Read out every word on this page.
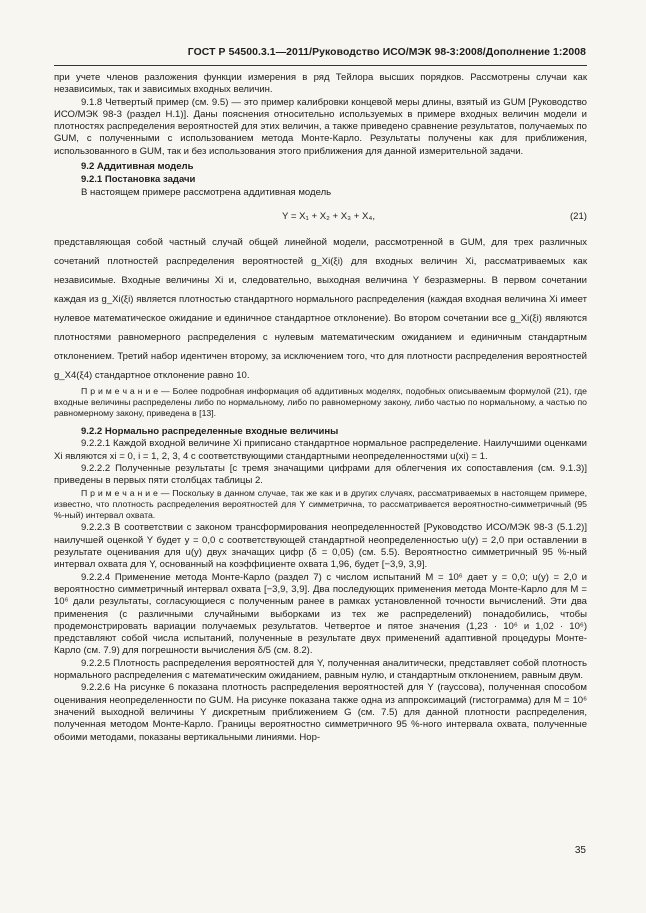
ГОСТ Р 54500.3.1—2011/Руководство ИСО/МЭК 98-3:2008/Дополнение 1:2008

при учете членов разложения функции измерения в ряд Тейлора высших порядков. Рассмотрены случаи как независимых, так и зависимых входных величин.

9.1.8 Четвертый пример (см. 9.5) — это пример калибровки концевой меры длины, взятый из GUM [Руководство ИСО/МЭК 98-3 (раздел H.1)]. Даны пояснения относительно используемых в примере входных величин модели и плотностях распределения вероятностей для этих величин, а также приведено сравнение результатов, получаемых по GUM, с полученными с использованием метода Монте-Карло. Результаты получены как для приближения, использованного в GUM, так и без использования этого приближения для данной измерительной задачи.

9.2 Аддитивная модель

9.2.1 Постановка задачи

В настоящем примере рассмотрена аддитивная модель

Y = X₁ + X₂ + X₃ + X₄,	(21)

представляющая собой частный случай общей линейной модели, рассмотренной в GUM, для трех различных сочетаний плотностей распределения вероятностей g_Xi(ξi) для входных величин Xi, рассматриваемых как независимые. Входные величины Xi и, следовательно, выходная величина Y безразмерны. В первом сочетании каждая из g_Xi(ξi) является плотностью стандартного нормального распределения (каждая входная величина Xi имеет нулевое математическое ожидание и единичное стандартное отклонение). Во втором сочетании все g_Xi(ξi) являются плотностями равномерного распределения с нулевым математическим ожиданием и единичным стандартным отклонением. Третий набор идентичен второму, за исключением того, что для плотности распределения вероятностей g_X4(ξ4) стандартное отклонение равно 10.

П р и м е ч а н и е — Более подробная информация об аддитивных моделях, подобных описываемым формулой (21), где входные величины распределены либо по нормальному, либо по равномерному закону, либо частью по нормальному, а частью по равномерному закону, приведена в [13].

9.2.2 Нормально распределенные входные величины

9.2.2.1 Каждой входной величине Xi приписано стандартное нормальное распределение. Наилучшими оценками Xi являются xi = 0, i = 1, 2, 3, 4 с соответствующими стандартными неопределенностями u(xi) = 1.

9.2.2.2 Полученные результаты [с тремя значащими цифрами для облегчения их сопоставления (см. 9.1.3)] приведены в первых пяти столбцах таблицы 2.

П р и м е ч а н и е — Поскольку в данном случае, так же как и в других случаях, рассматриваемых в настоящем примере, известно, что плотность распределения вероятностей для Y симметрична, то рассматривается вероятностно-симметричный (95 %-ный) интервал охвата.

9.2.2.3 В соответствии с законом трансформирования неопределенностей [Руководство ИСО/МЭК 98-3 (5.1.2)] наилучшей оценкой Y будет y = 0,0 с соответствующей стандартной неопределенностью u(y) = 2,0 при оставлении в результате оценивания для u(y) двух значащих цифр (δ = 0,05) (см. 5.5). Вероятностно симметричный 95 %-ный интервал охвата для Y, основанный на коэффициенте охвата 1,96, будет [−3,9, 3,9].

9.2.2.4 Применение метода Монте-Карло (раздел 7) с числом испытаний M = 10⁶ дает y = 0,0; u(y) = 2,0 и вероятностно симметричный интервал охвата [−3,9, 3,9]. Два последующих применения метода Монте-Карло для M = 10⁶ дали результаты, согласующиеся с полученным ранее в рамках установленной точности вычислений. Эти два применения (с различными случайными выборками из тех же распределений) понадобились, чтобы продемонстрировать вариации получаемых результатов. Четвертое и пятое значения (1,23 · 10⁶ и 1,02 · 10⁶) представляют собой числа испытаний, полученные в результате двух применений адаптивной процедуры Монте-Карло (см. 7.9) для погрешности вычисления δ/5 (см. 8.2).

9.2.2.5 Плотность распределения вероятностей для Y, полученная аналитически, представляет собой плотность нормального распределения с математическим ожиданием, равным нулю, и стандартным отклонением, равным двум.

9.2.2.6 На рисунке 6 показана плотность распределения вероятностей для Y (гауссова), полученная способом оценивания неопределенности по GUM. На рисунке показана также одна из аппроксимаций (гистограмма) для M = 10⁶ значений выходной величины Y дискретным приближением G (см. 7.5) для данной плотности распределения, полученная методом Монте-Карло. Границы вероятностно симметричного 95 %-ного интервала охвата, полученные обоими методами, показаны вертикальными линиями. Нор-

35
